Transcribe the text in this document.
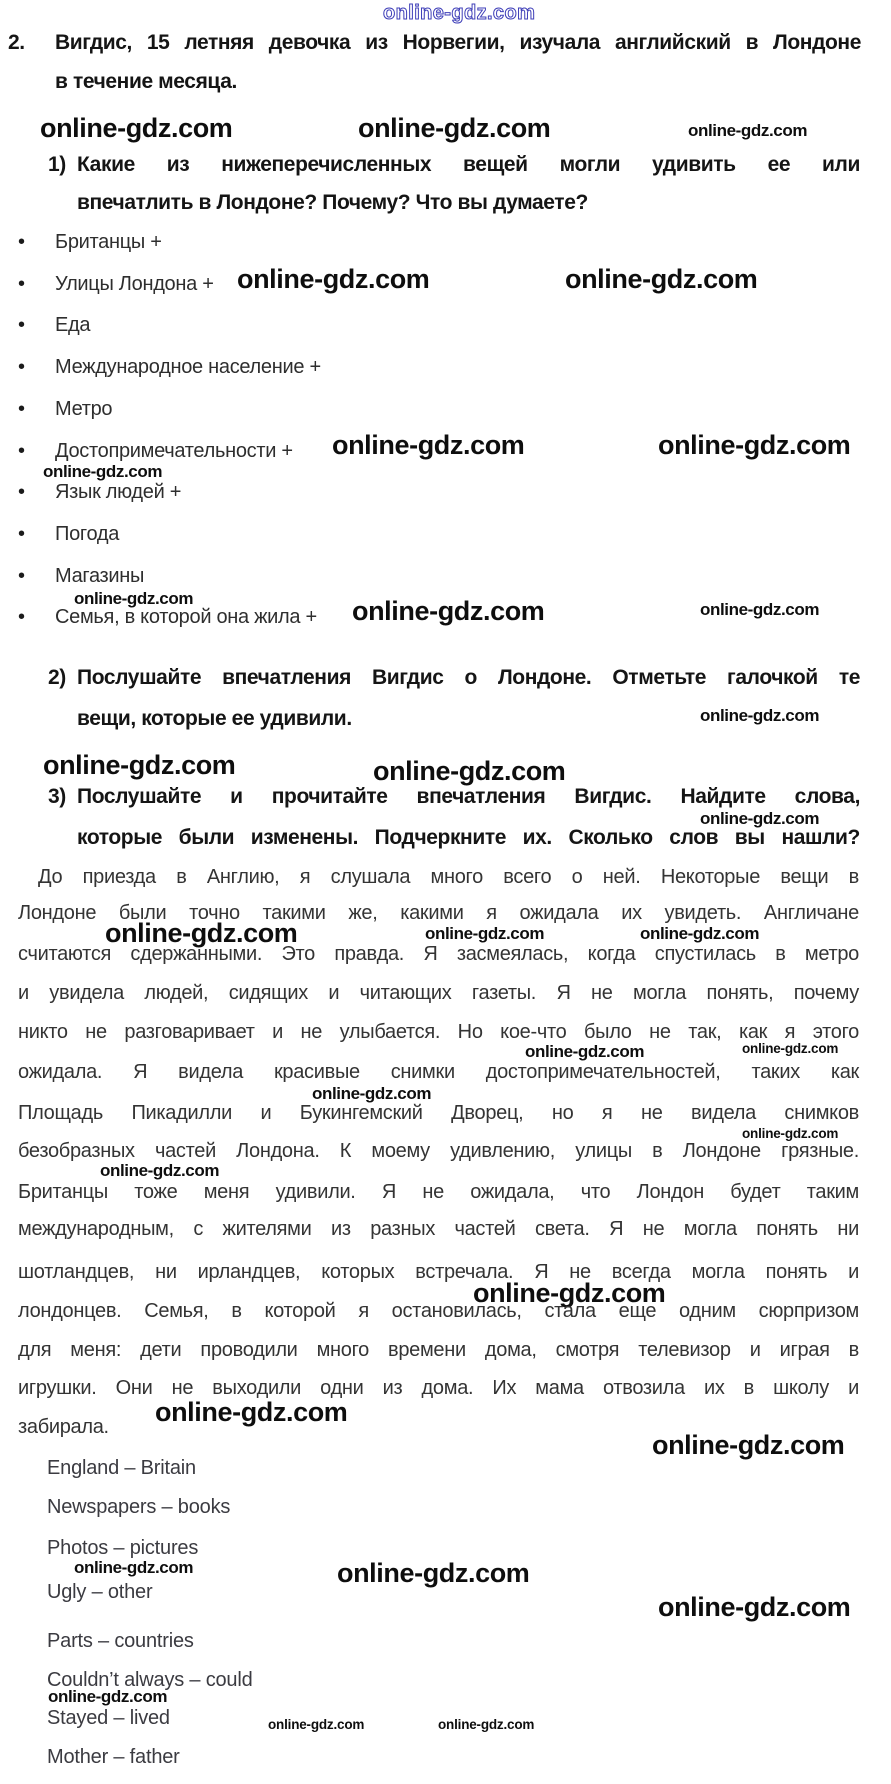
online-gdz.com
online-gdz.com	online-gdz.com	online-gdz.com
online-gdz.com	online-gdz.com
online-gdz.com	online-gdz.com
online-gdz.com
online-gdz.com	online-gdz.com	online-gdz.com
online-gdz.com
online-gdz.com	online-gdz.com
online-gdz.com
online-gdz.com	online-gdz.com	online-gdz.com
online-gdz.com	online-gdz.com
online-gdz.com
online-gdz.com
online-gdz.com
online-gdz.com
online-gdz.com
online-gdz.com
online-gdz.com	online-gdz.com
online-gdz.com
online-gdz.com
online-gdz.com	online-gdz.com
2. Вигдис, 15 летняя девочка из Норвегии, изучала английский в Лондоне
в течение месяца.
1) Какие из нижеперечисленных вещей могли удивить ее или
впечатлить в Лондоне? Почему? Что вы думаете?
• Британцы +
• Улицы Лондона +
• Еда
• Международное население +
• Метро
• Достопримечательности +
• Язык людей +
• Погода
• Магазины
• Семья, в которой она жила +
2) Послушайте впечатления Вигдис о Лондоне. Отметьте галочкой те
вещи, которые ее удивили.
3) Послушайте и прочитайте впечатления Вигдис. Найдите слова,
которые были изменены. Подчеркните их. Сколько слов вы нашли?
До приезда в Англию, я слушала много всего о ней. Некоторые вещи в
Лондоне были точно такими же, какими я ожидала их увидеть. Англичане
считаются сдержанными. Это правда. Я засмеялась, когда спустилась в метро
и увидела людей, сидящих и читающих газеты. Я не могла понять, почему
никто не разговаривает и не улыбается. Но кое-что было не так, как я этого
ожидала. Я видела красивые снимки достопримечательностей, таких как
Площадь Пикадилли и Букингемский Дворец, но я не видела снимков
безобразных частей Лондона. К моему удивлению, улицы в Лондоне грязные.
Британцы тоже меня удивили. Я не ожидала, что Лондон будет таким
международным, с жителями из разных частей света. Я не могла понять ни
шотландцев, ни ирландцев, которых встречала. Я не всегда могла понять и
лондонцев. Семья, в которой я остановилась, стала еще одним сюрпризом
для меня: дети проводили много времени дома, смотря телевизор и играя в
игрушки. Они не выходили одни из дома. Их мама отвозила их в школу и
забирала.
England – Britain
Newspapers – books
Photos – pictures
Ugly – other
Parts – countries
Couldn’t always – could
Stayed – lived
Mother – father
